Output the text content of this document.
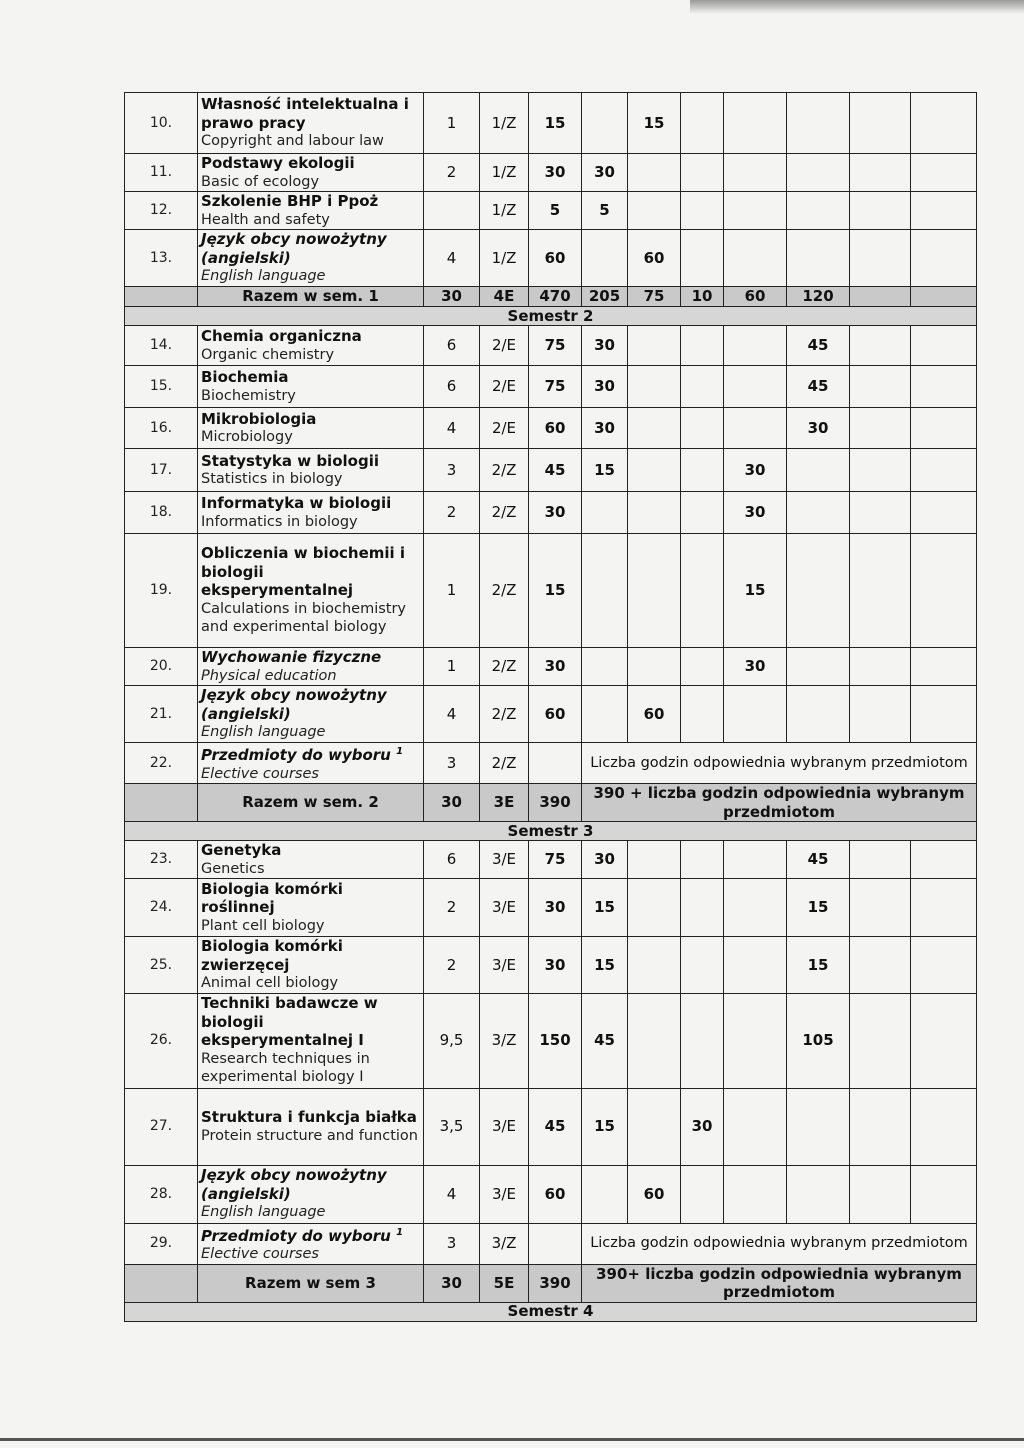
10.	Własność intelektualna i prawo pracy
Copyright and labour law	1	1/Z	15		15					
11.	Podstawy ekologii
Basic of ecology	2	1/Z	30	30						
12.	Szkolenie BHP i Ppoż
Health and safety		1/Z	5	5						
13.	Język obcy nowożytny (angielski)
English language	4	1/Z	60		60					
	Razem w sem. 1	30	4E	470	205	75	10	60	120		
Semestr 2											
14.	Chemia organiczna
Organic chemistry	6	2/E	75	30				45		
15.	Biochemia
Biochemistry	6	2/E	75	30				45		
16.	Mikrobiologia
Microbiology	4	2/E	60	30				30		
17.	Statystyka w biologii
Statistics in biology	3	2/Z	45	15			30			
18.	Informatyka w biologii
Informatics in biology	2	2/Z	30				30			
19.	Obliczenia w biochemii i biologii eksperymentalnej
Calculations in biochemistry and experimental biology	1	2/Z	15				15			
20.	Wychowanie fizyczne
Physical education	1	2/Z	30				30			
21.	Język obcy nowożytny (angielski)
English language	4	2/Z	60		60					
22.	Przedmioty do wyboru $^1$
Elective courses	3	2/Z		Liczba godzin odpowiednia wybranym przedmiotom						
	Razem w sem. 2	30	3E	390	390 + liczba godzin odpowiednia wybranym przedmiotom						
Semestr 3											
23.	Genetyka
Genetics	6	3/E	75	30				45		
24.	Biologia komórki roślinnej
Plant cell biology	2	3/E	30	15				15		
25.	Biologia komórki zwierzęcej
Animal cell biology	2	3/E	30	15				15		
26.	Techniki badawcze w biologii eksperymentalnej I
Research techniques in experimental biology I	9,5	3/Z	150	45				105		
27.	Struktura i funkcja białka
Protein structure and function	3,5	3/E	45	15		30				
28.	Język obcy nowożytny (angielski)
English language	4	3/E	60		60					
29.	Przedmioty do wyboru $^1$
Elective courses	3	3/Z		Liczba godzin odpowiednia wybranym przedmiotom						
	Razem w sem 3	30	5E	390	390+ liczba godzin odpowiednia wybranym przedmiotom						
Semestr 4											
